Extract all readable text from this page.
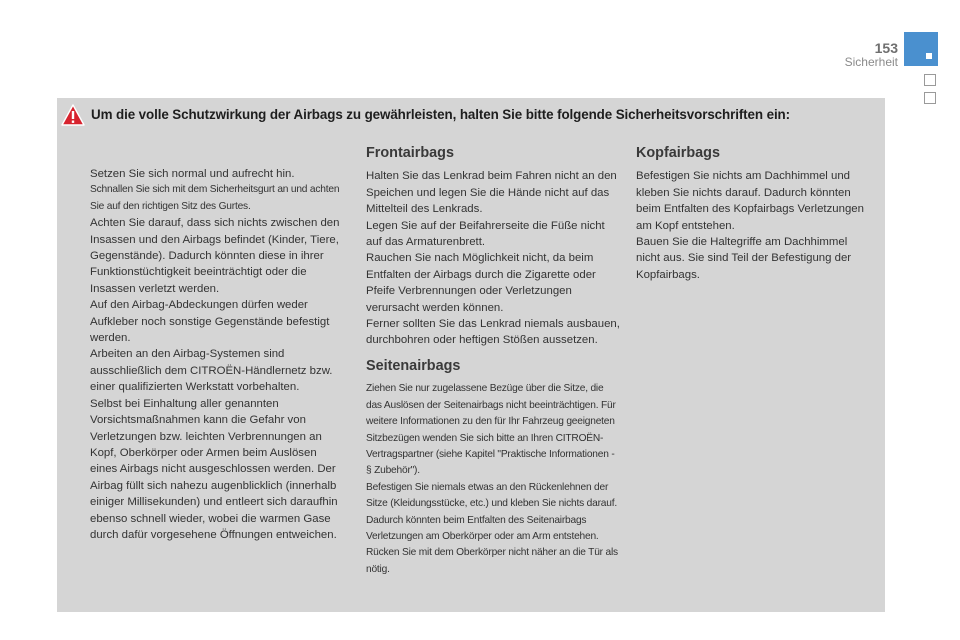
153
Sicherheit
Um die volle Schutzwirkung der Airbags zu gewährleisten, halten Sie bitte folgende Sicherheitsvorschriften ein:

Setzen Sie sich normal und aufrecht hin.

Schnallen Sie sich mit dem Sicherheitsgurt an und achten Sie auf den richtigen Sitz des Gurtes.

Achten Sie darauf, dass sich nichts zwischen den Insassen und den Airbags befindet (Kinder, Tiere, Gegenstände). Dadurch könnten diese in ihrer Funktionstüchtigkeit beeinträchtigt oder die Insassen verletzt werden.

Auf den Airbag-Abdeckungen dürfen weder Aufkleber noch sonstige Gegenstände befestigt werden.

Arbeiten an den Airbag-Systemen sind ausschließlich dem CITROËN-Händlernetz bzw. einer qualifizierten Werkstatt vorbehalten.

Selbst bei Einhaltung aller genannten Vorsichtsmaßnahmen kann die Gefahr von Verletzungen bzw. leichten Verbrennungen an Kopf, Oberkörper oder Armen beim Auslösen eines Airbags nicht ausgeschlossen werden. Der Airbag füllt sich nahezu augenblicklich (innerhalb einiger Millisekunden) und entleert sich daraufhin ebenso schnell wieder, wobei die warmen Gase durch dafür vorgesehene Öffnungen entweichen.

Frontairbags

Halten Sie das Lenkrad beim Fahren nicht an den Speichen und legen Sie die Hände nicht auf das Mittelteil des Lenkrads.

Legen Sie auf der Beifahrerseite die Füße nicht auf das Armaturenbrett.

Rauchen Sie nach Möglichkeit nicht, da beim Entfalten der Airbags durch die Zigarette oder Pfeife Verbrennungen oder Verletzungen verursacht werden können.

Ferner sollten Sie das Lenkrad niemals ausbauen, durchbohren oder heftigen Stößen aussetzen.

Seitenairbags

Ziehen Sie nur zugelassene Bezüge über die Sitze, die das Auslösen der Seitenairbags nicht beeinträchtigen. Für weitere Informationen zu den für Ihr Fahrzeug geeigneten Sitzbezügen wenden Sie sich bitte an Ihren CITROËN-Vertragspartner (siehe Kapitel "Praktische Informationen - § Zubehör").

Befestigen Sie niemals etwas an den Rückenlehnen der Sitze (Kleidungsstücke, etc.) und kleben Sie nichts darauf. Dadurch könnten beim Entfalten des Seitenairbags Verletzungen am Oberkörper oder am Arm entstehen.

Rücken Sie mit dem Oberkörper nicht näher an die Tür als nötig.

Kopfairbags

Befestigen Sie nichts am Dachhimmel und kleben Sie nichts darauf. Dadurch könnten beim Entfalten des Kopfairbags Verletzungen am Kopf entstehen.

Bauen Sie die Haltegriffe am Dachhimmel nicht aus. Sie sind Teil der Befestigung der Kopfairbags.
